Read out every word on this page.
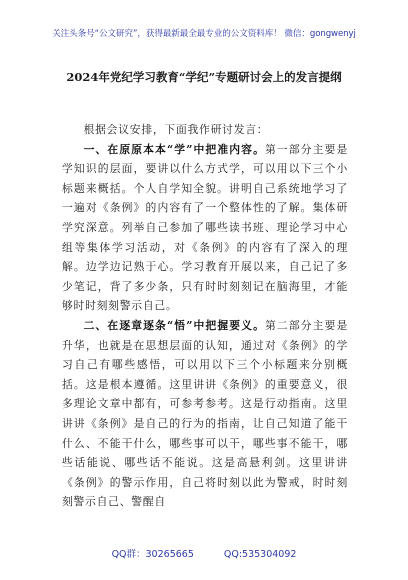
关注头条号“公文研究”，获得最新最全最专业的公文资料库！ 微信：gongwenyj
2024年党纪学习教育“学纪”专题研讨会上的发言提纲

根据会议安排，下面我作研讨发言：

一、在原原本本“学”中把准内容。第一部分主要是学知识的层面，要讲以什么方式学，可以用以下三个小标题来概括。个人自学知全貌。讲明自己系统地学习了一遍对《条例》的内容有了一个整体性的了解。集体研学究深意。列举自己参加了哪些读书班、理论学习中心组等集体学习活动，对《条例》的内容有了深入的理解。边学边记熟于心。学习教育开展以来，自己记了多少笔记，背了多少条，只有时时刻刻记在脑海里，才能够时时刻刻警示自己。

二、在逐章逐条“悟”中把握要义。第二部分主要是升华，也就是在思想层面的认知，通过对《条例》的学习自己有哪些感悟，可以用以下三个小标题来分别概括。这是根本遵循。这里讲讲《条例》的重要意义，很多理论文章中都有，可参考参考。这是行动指南。这里讲讲《条例》是自己的行为的指南，让自己知道了能干什么、不能干什么，哪些事可以干，哪些事不能干，哪些话能说、哪些话不能说。这是高悬利剑。这里讲讲《条例》的警示作用，自己将时刻以此为警戒，时时刻刻警示自己、警醒自

QQ群：30265665	QQ:535304092
